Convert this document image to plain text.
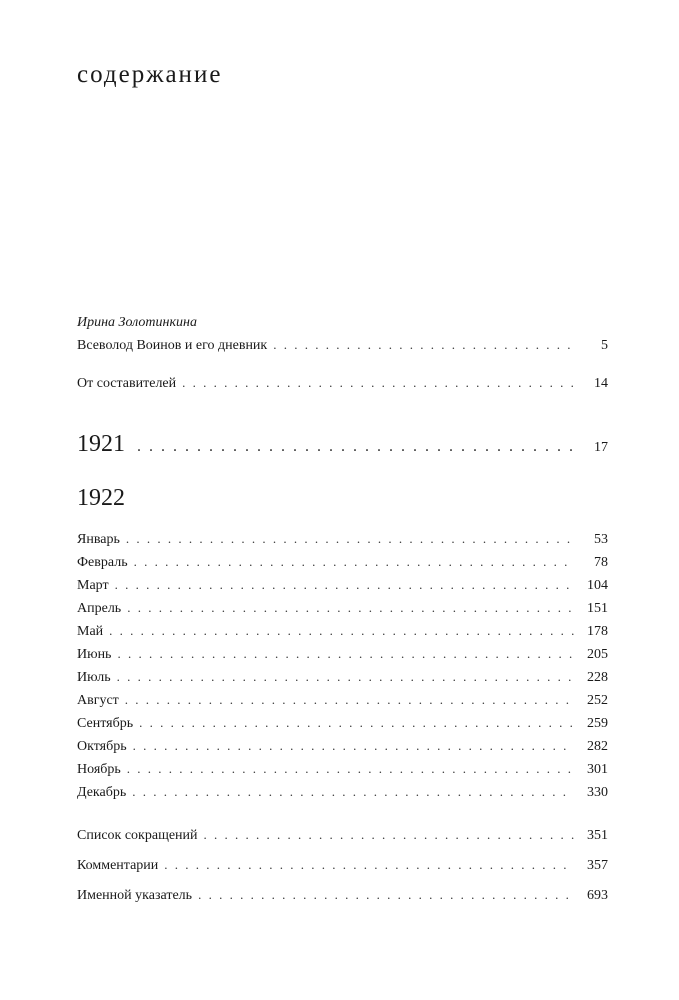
содержание
Ирина Золотинкина
Всеволод Воинов и его дневник . . .	5
От составителей . . .	14
1921 . . .	17
1922
Январь . . .	53
Февраль . . .	78
Март . . .	104
Апрель . . .	151
Май . . .	178
Июнь . . .	205
Июль . . .	228
Август . . .	252
Сентябрь . . .	259
Октябрь . . .	282
Ноябрь . . .	301
Декабрь . . .	330
Список сокращений . . .	351
Комментарии . . .	357
Именной указатель . . .	693
